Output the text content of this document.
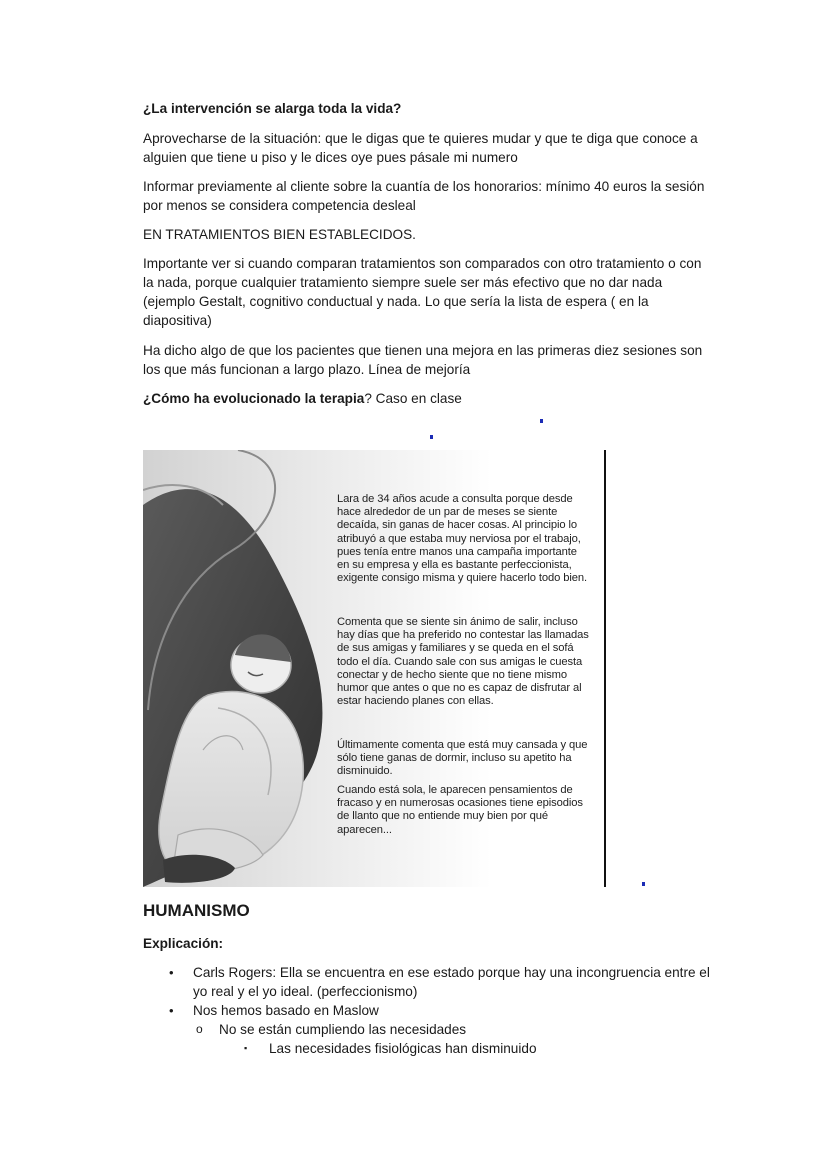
¿La intervención se alarga toda la vida?

Aprovecharse de la situación: que le digas que te quieres mudar y que te diga que conoce a alguien que tiene u piso y le dices oye pues pásale mi numero

Informar previamente al cliente sobre la cuantía de los honorarios: mínimo 40 euros la sesión por menos se considera competencia desleal

EN TRATAMIENTOS BIEN ESTABLECIDOS.

Importante ver si cuando comparan tratamientos son comparados con otro tratamiento o con la nada, porque cualquier tratamiento siempre suele ser más efectivo que no dar nada (ejemplo Gestalt, cognitivo conductual y nada. Lo que sería la lista de espera ( en la diapositiva)

Ha dicho algo de que los pacientes que tienen una mejora en las primeras diez sesiones son los que más funcionan a largo plazo. Línea de mejoría

¿Cómo ha evolucionado la terapia? Caso en clase

Lara de 34 años acude a consulta porque desde hace alrededor de un par de meses se siente decaída, sin ganas de hacer cosas. Al principio lo atribuyó a que estaba muy nerviosa por el trabajo, pues tenía entre manos una campaña importante en su empresa y ella es bastante perfeccionista, exigente consigo misma y quiere hacerlo todo bien.

Comenta que se siente sin ánimo de salir, incluso hay días que ha preferido no contestar las llamadas de sus amigas y familiares y se queda en el sofá todo el día. Cuando sale con sus amigas le cuesta conectar y de hecho siente que no tiene mismo humor que antes o que no es capaz de disfrutar al estar haciendo planes con ellas.

Últimamente comenta que está muy cansada y que sólo tiene ganas de dormir, incluso su apetito ha disminuido.

Cuando está sola, le aparecen pensamientos de fracaso y en numerosas ocasiones tiene episodios de llanto que no entiende muy bien por qué aparecen...

HUMANISMO

Explicación:

• Carls Rogers: Ella se encuentra en ese estado porque hay una incongruencia entre el yo real y el yo ideal. (perfeccionismo)
• Nos hemos basado en Maslow
o No se están cumpliendo las necesidades
▪ Las necesidades fisiológicas han disminuido
